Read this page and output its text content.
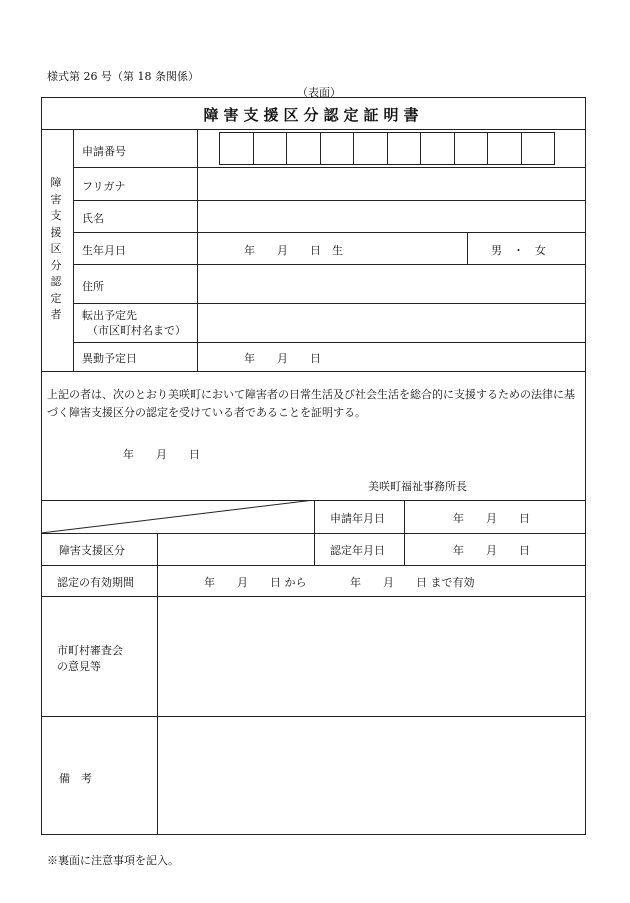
様式第 26 号（第 18 条関係）
（表面）
障害支援区分認定証明書
障害支援区分認定者
申請番号
フリガナ
氏名
生年月日	年　　月　　日　生	男　・　女
住所
転出予定先
（市区町村名まで）
異動予定日	年　　月　　日
上記の者は、次のとおり美咲町において障害者の日常生活及び社会生活を総合的に支援するための法律に基づく障害支援区分の認定を受けている者であることを証明する。
年　　月　　日
美咲町福祉事務所長
申請年月日	年　　月　　日
障害支援区分	認定年月日	年　　月　　日
認定の有効期間	年　　月　　日 から	年　　月　　日 まで有効
市町村審査会
の意見等
備　考
※裏面に注意事項を記入。
